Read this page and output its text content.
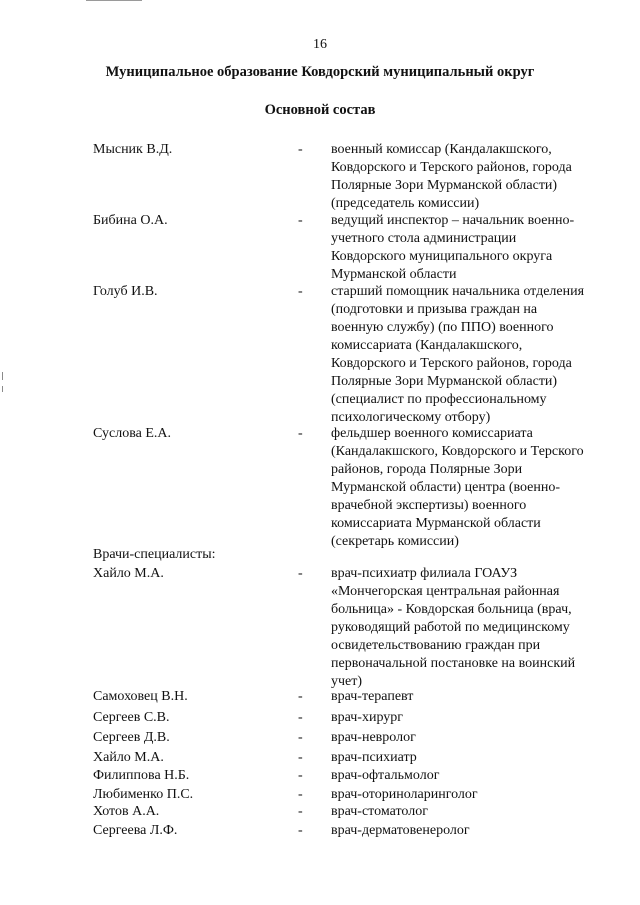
16
Муниципальное образование Ковдорский муниципальный округ
Основной состав
Мысник В.Д.	- военный комиссар (Кандалакшского,
Ковдорского и Терского районов, города
Полярные Зори Мурманской области)
(председатель комиссии)
Бибина О.А.	- ведущий инспектор – начальник военно-
учетного стола администрации
Ковдорского муниципального округа
Мурманской области
Голуб И.В.	- старший помощник начальника отделения
(подготовки и призыва граждан на
военную службу) (по ППО) военного
комиссариата (Кандалакшского,
Ковдорского и Терского районов, города
Полярные Зори Мурманской области)
(специалист по профессиональному
психологическому отбору)
Суслова Е.А.	- фельдшер военного комиссариата
(Кандалакшского, Ковдорского и Терского
районов, города Полярные Зори
Мурманской области) центра (военно-
врачебной экспертизы) военного
комиссариата Мурманской области
(секретарь комиссии)
Врачи-специалисты:
Хайло М.А.	- врач-психиатр филиала ГОАУЗ
«Мончегорская центральная районная
больница» - Ковдорская больница (врач,
руководящий работой по медицинскому
освидетельствованию граждан при
первоначальной постановке на воинский
учет)
Самоховец В.Н.	- врач-терапевт
Сергеев С.В.	- врач-хирург
Сергеев Д.В.	- врач-невролог
Хайло М.А.	- врач-психиатр
Филиппова Н.Б.	- врач-офтальмолог
Любименко П.С.	- врач-оториноларинголог
Хотов А.А.	- врач-стоматолог
Сергеева Л.Ф.	- врач-дерматовенеролог
